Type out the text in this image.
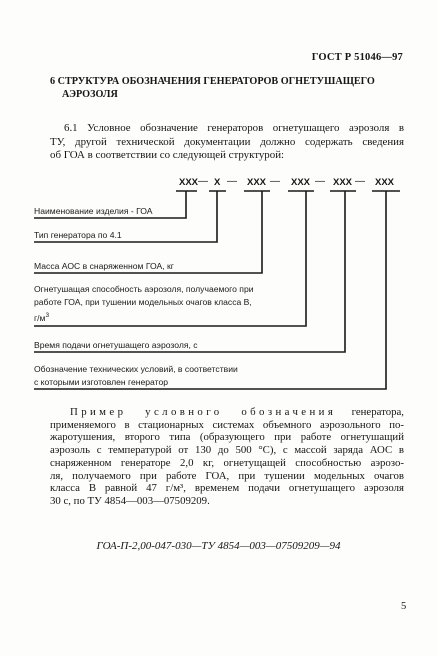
ГОСТ Р 51046—97
6 СТРУКТУРА ОБОЗНАЧЕНИЯ ГЕНЕРАТОРОВ ОГНЕТУШАЩЕГО
АЭРОЗОЛЯ
6.1 Условное обозначение генераторов огнетушащего аэрозоля в
ТУ, другой технической документации должно содержать сведения
об ГОА в соответствии со следующей структурой:
ХХХ — Х — ХХХ — ХХХ — ХХХ — ХХХ
Наименование изделия - ГОА
Тип генератора по 4.1
Масса АОС в снаряженном ГОА, кг
Огнетушащая способность аэрозоля, получаемого при
работе ГОА, при тушении модельных очагов класса В,
$г/м^3$
Время подачи огнетушащего аэрозоля, с
Обозначение технических условий, в соответствии
с которыми изготовлен генератор
Пример условного обозначения генератора,
применяемого в стационарных системах объемного аэрозольного по-
жаротушения, второго типа (образующего при работе огнетушащий
аэрозоль с температурой от 130 до 500 °С), с массой заряда АОС в
снаряженном генераторе 2,0 кг, огнетущащей способностью аэрозо-
ля, получаемого при работе ГОА, при тушении модельных очагов
класса В равной 47 г/м³, временем подачи огнетушащего аэрозоля
30 с, по ТУ 4854—003—07509209.
ГОА-П-2,00-047-030—ТУ 4854—003—07509209—94
5
